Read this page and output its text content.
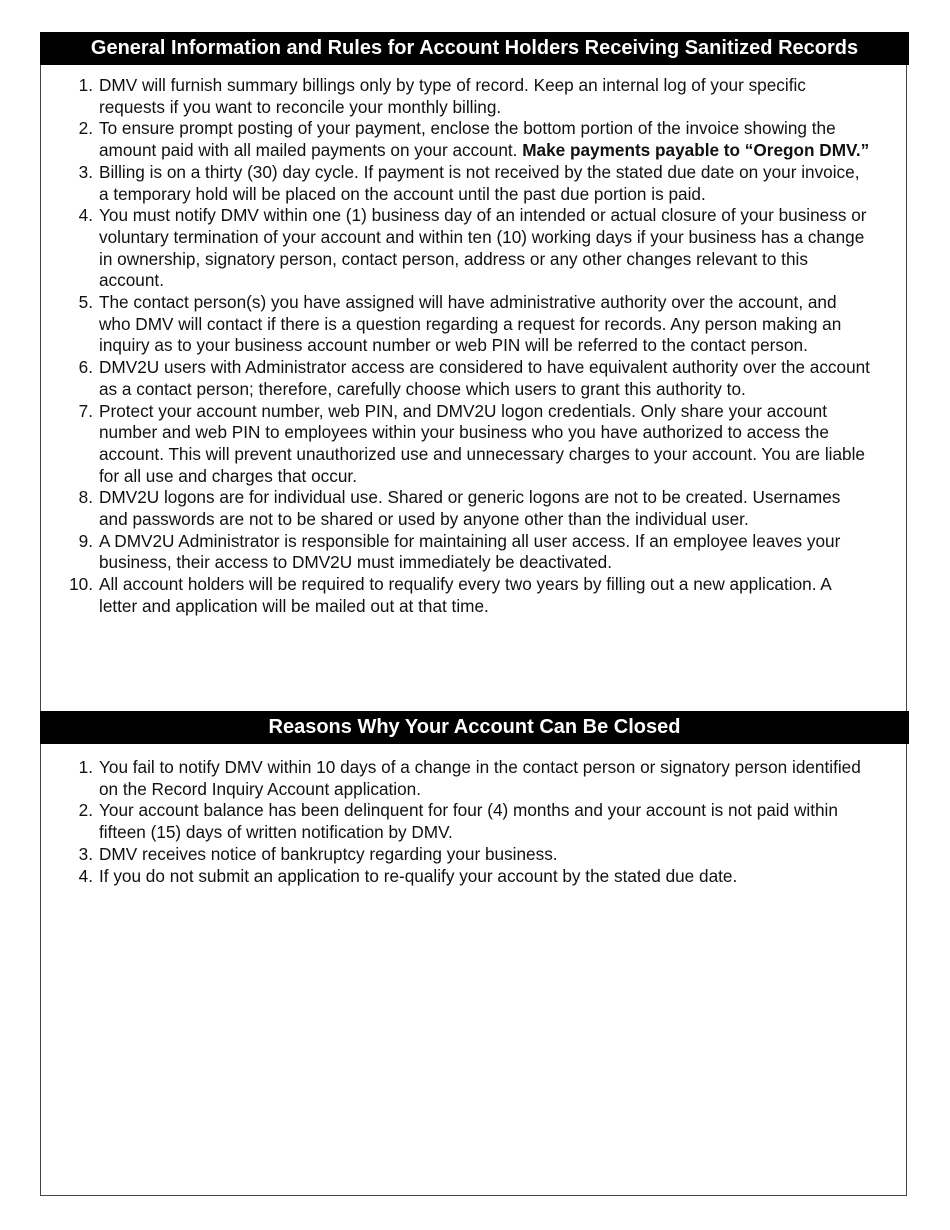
General Information and Rules for Account Holders Receiving Sanitized Records
1. DMV will furnish summary billings only by type of record. Keep an internal log of your specific requests if you want to reconcile your monthly billing.
2. To ensure prompt posting of your payment, enclose the bottom portion of the invoice showing the amount paid with all mailed payments on your account. Make payments payable to “Oregon DMV.”
3. Billing is on a thirty (30) day cycle. If payment is not received by the stated due date on your invoice, a temporary hold will be placed on the account until the past due portion is paid.
4. You must notify DMV within one (1) business day of an intended or actual closure of your business or voluntary termination of your account and within ten (10) working days if your business has a change in ownership, signatory person, contact person, address or any other changes relevant to this account.
5. The contact person(s) you have assigned will have administrative authority over the account, and who DMV will contact if there is a question regarding a request for records. Any person making an inquiry as to your business account number or web PIN will be referred to the contact person.
6. DMV2U users with Administrator access are considered to have equivalent authority over the account as a contact person; therefore, carefully choose which users to grant this authority to.
7. Protect your account number, web PIN, and DMV2U logon credentials. Only share your account number and web PIN to employees within your business who you have authorized to access the account. This will prevent unauthorized use and unnecessary charges to your account. You are liable for all use and charges that occur.
8. DMV2U logons are for individual use. Shared or generic logons are not to be created. Usernames and passwords are not to be shared or used by anyone other than the individual user.
9. A DMV2U Administrator is responsible for maintaining all user access. If an employee leaves your business, their access to DMV2U must immediately be deactivated.
10. All account holders will be required to requalify every two years by filling out a new application. A letter and application will be mailed out at that time.
Reasons Why Your Account Can Be Closed
1. You fail to notify DMV within 10 days of a change in the contact person or signatory person identified on the Record Inquiry Account application.
2. Your account balance has been delinquent for four (4) months and your account is not paid within fifteen (15) days of written notification by DMV.
3. DMV receives notice of bankruptcy regarding your business.
4. If you do not submit an application to re-qualify your account by the stated due date.
